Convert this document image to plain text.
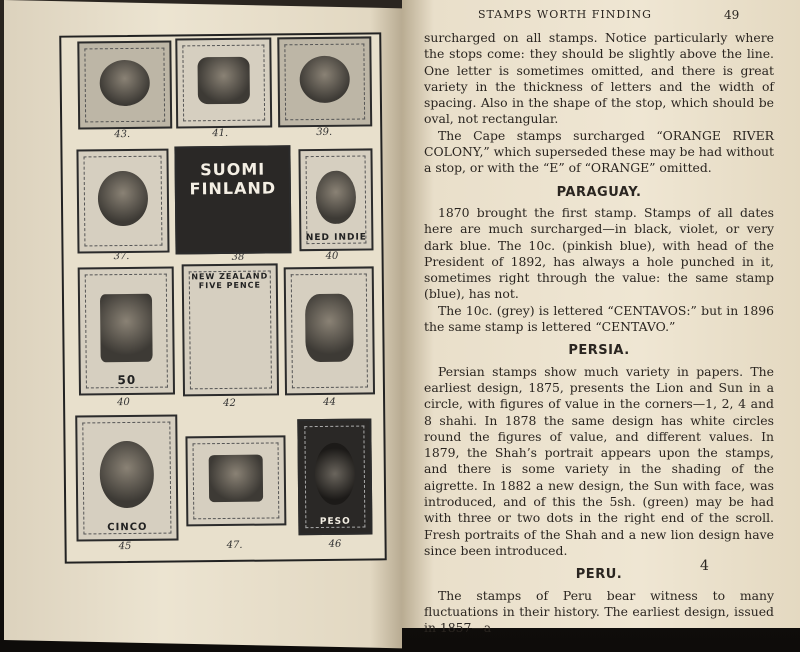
43.	41.	39.
37.
SUOMI FINLAND
38
NED INDIE
40
50
40
NEW ZEALAND FIVE PENCE
42	44
CINCO
45	47.
PESO
46
STAMPS WORTH FINDING	49

surcharged on all stamps. Notice particularly where the stops come: they should be slightly above the line. One letter is sometimes omitted, and there is great variety in the thickness of letters and the width of spacing. Also in the shape of the stop, which should be oval, not rectangular.

The Cape stamps surcharged “ORANGE RIVER COLONY,” which superseded these may be had without a stop, or with the “E” of “ORANGE” omitted.

PARAGUAY.

1870 brought the first stamp. Stamps of all dates here are much surcharged—in black, violet, or very dark blue. The 10c. (pinkish blue), with head of the President of 1892, has always a hole punched in it, sometimes right through the value: the same stamp (blue), has not.

The 10c. (grey) is lettered “CENTAVOS:” but in 1896 the same stamp is lettered “CENTAVO.”

PERSIA.

Persian stamps show much variety in papers. The earliest design, 1875, presents the Lion and Sun in a circle, with figures of value in the corners—1, 2, 4 and 8 shahi. In 1878 the same design has white circles round the figures of value, and different values. In 1879, the Shah’s portrait appears upon the stamps, and there is some variety in the shading of the aigrette. In 1882 a new design, the Sun with face, was introduced, and of this the 5sh. (green) may be had with three or two dots in the right end of the scroll. Fresh portraits of the Shah and a new lion design have since been introduced.

PERU.

The stamps of Peru bear witness to many fluctuations in their history. The earliest design, issued in 1857—a

4
